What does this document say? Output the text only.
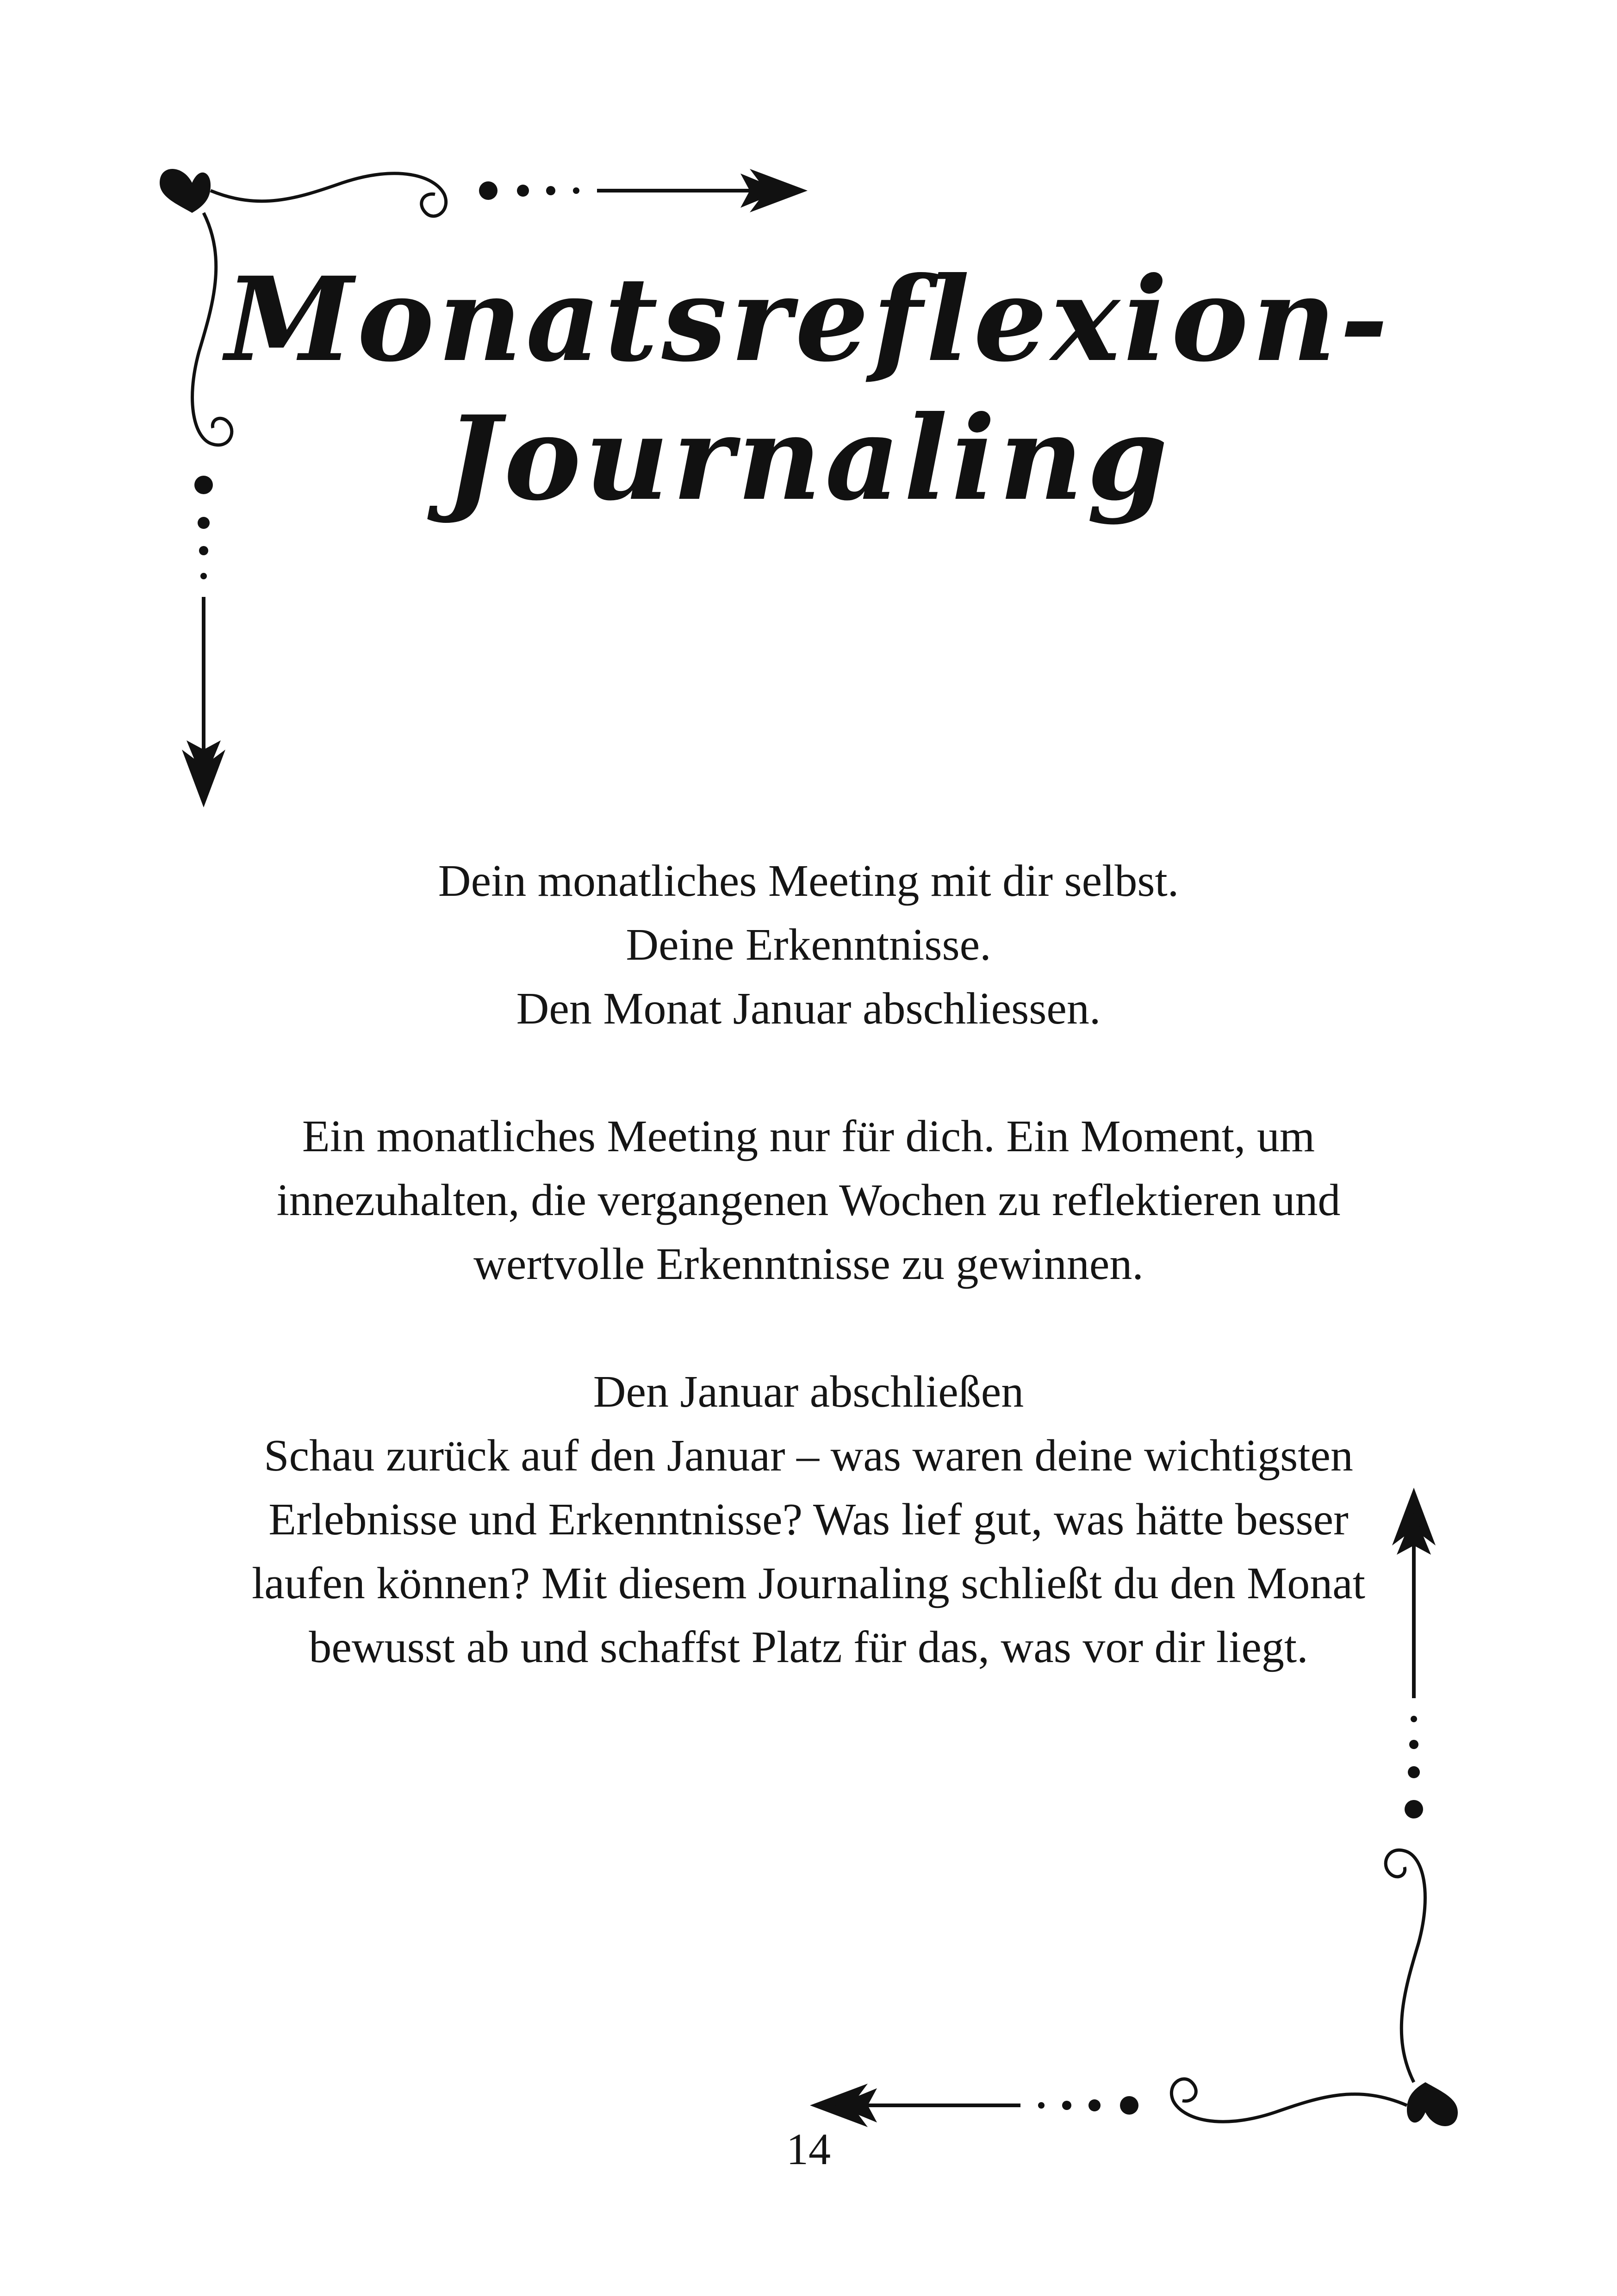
Monatsreflexion-
Journaling

Dein monatliches Meeting mit dir selbst.

Deine Erkenntnisse.

Den Monat Januar abschliessen.

Ein monatliches Meeting nur für dich. Ein Moment, um

innezuhalten, die vergangenen Wochen zu reflektieren und

wertvolle Erkenntnisse zu gewinnen.

Den Januar abschließen

Schau zurück auf den Januar – was waren deine wichtigsten

Erlebnisse und Erkenntnisse? Was lief gut, was hätte besser

laufen können? Mit diesem Journaling schließt du den Monat

bewusst ab und schaffst Platz für das, was vor dir liegt.

14
